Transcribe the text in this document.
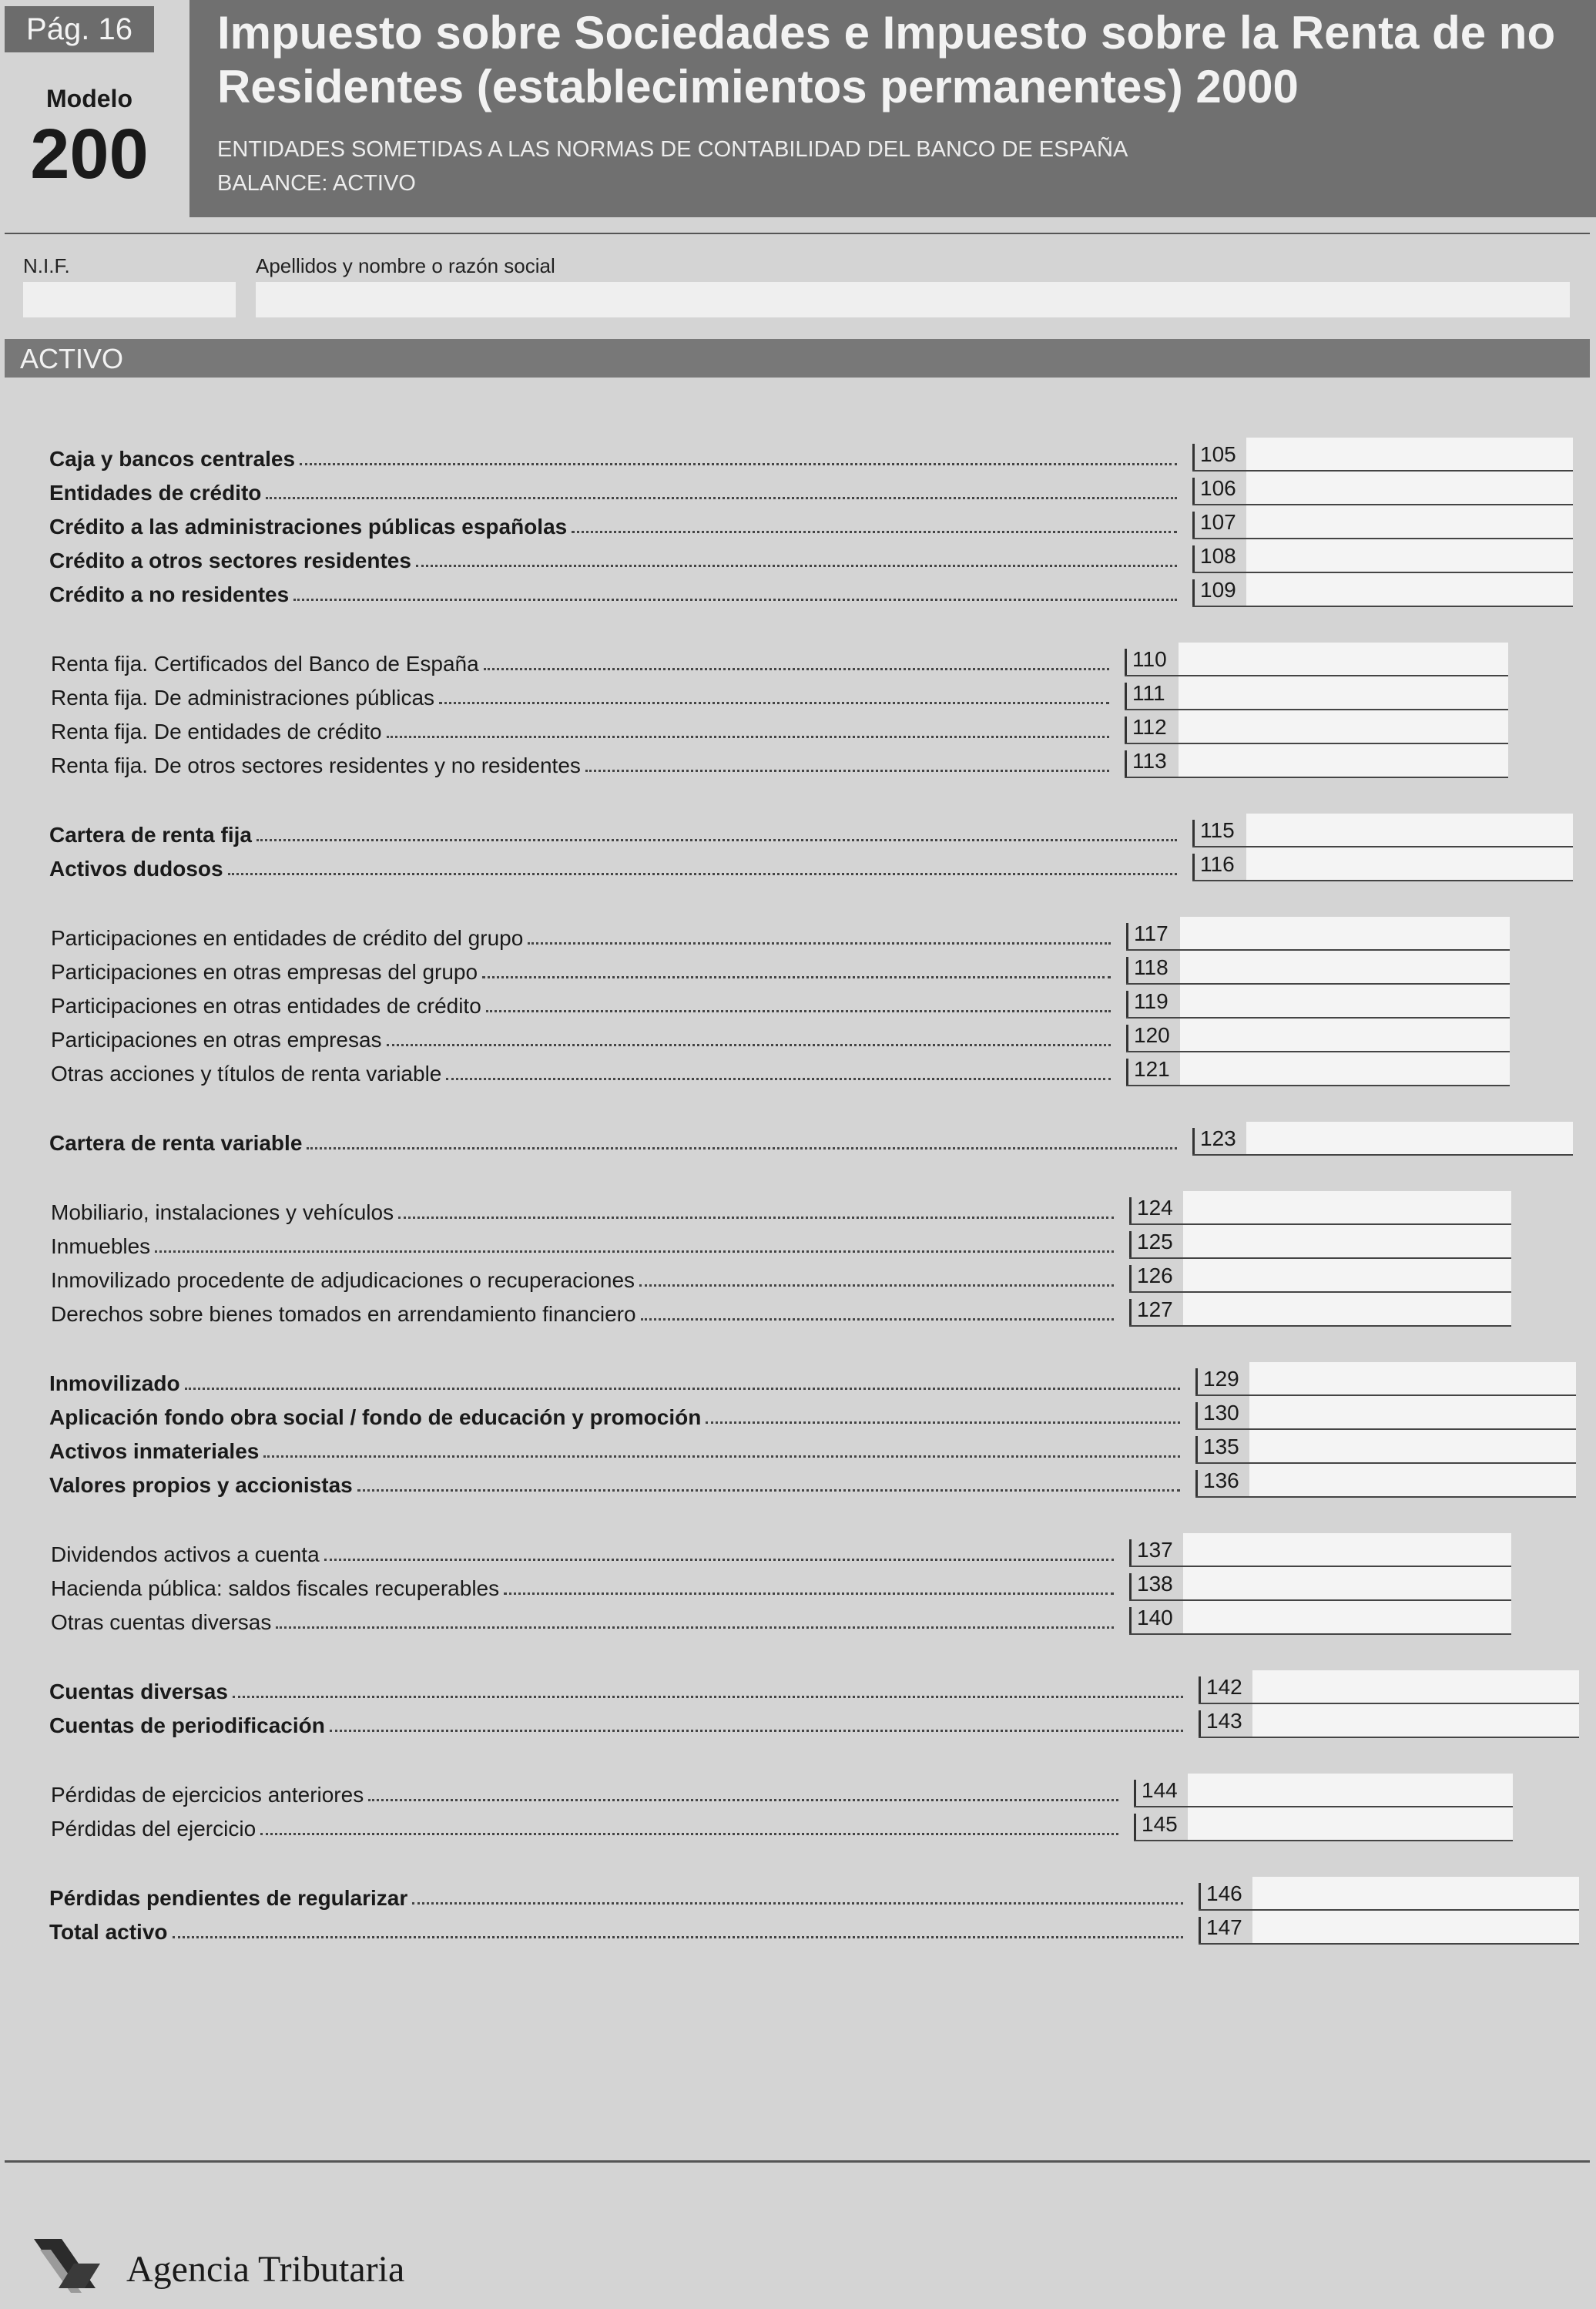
Pág. 16
Modelo
200
Impuesto sobre Sociedades e Impuesto sobre la Renta de no
Residentes (establecimientos permanentes) 2000
ENTIDADES SOMETIDAS A LAS NORMAS DE CONTABILIDAD DEL BANCO DE ESPAÑA
BALANCE: ACTIVO
N.I.F.	Apellidos y nombre o razón social
ACTIVO
Caja y bancos centrales	105
Entidades de crédito	106
Crédito a las administraciones públicas españolas	107
Crédito a otros sectores residentes	108
Crédito a no residentes	109
Renta fija. Certificados del Banco de España	110
Renta fija. De administraciones públicas	111
Renta fija. De entidades de crédito	112
Renta fija. De otros sectores residentes y no residentes	113
Cartera de renta fija	115
Activos dudosos	116
Participaciones en entidades de crédito del grupo	117
Participaciones en otras empresas del grupo	118
Participaciones en otras entidades de crédito	119
Participaciones en otras empresas	120
Otras acciones y títulos de renta variable	121
Cartera de renta variable	123
Mobiliario, instalaciones y vehículos	124
Inmuebles	125
Inmovilizado procedente de adjudicaciones o recuperaciones	126
Derechos sobre bienes tomados en arrendamiento financiero	127
Inmovilizado	129
Aplicación fondo obra social / fondo de educación y promoción	130
Activos inmateriales	135
Valores propios y accionistas	136
Dividendos activos a cuenta	137
Hacienda pública: saldos fiscales recuperables	138
Otras cuentas diversas	140
Cuentas diversas	142
Cuentas de periodificación	143
Pérdidas de ejercicios anteriores	144
Pérdidas del ejercicio	145
Pérdidas pendientes de regularizar	146
Total activo	147
Agencia Tributaria
